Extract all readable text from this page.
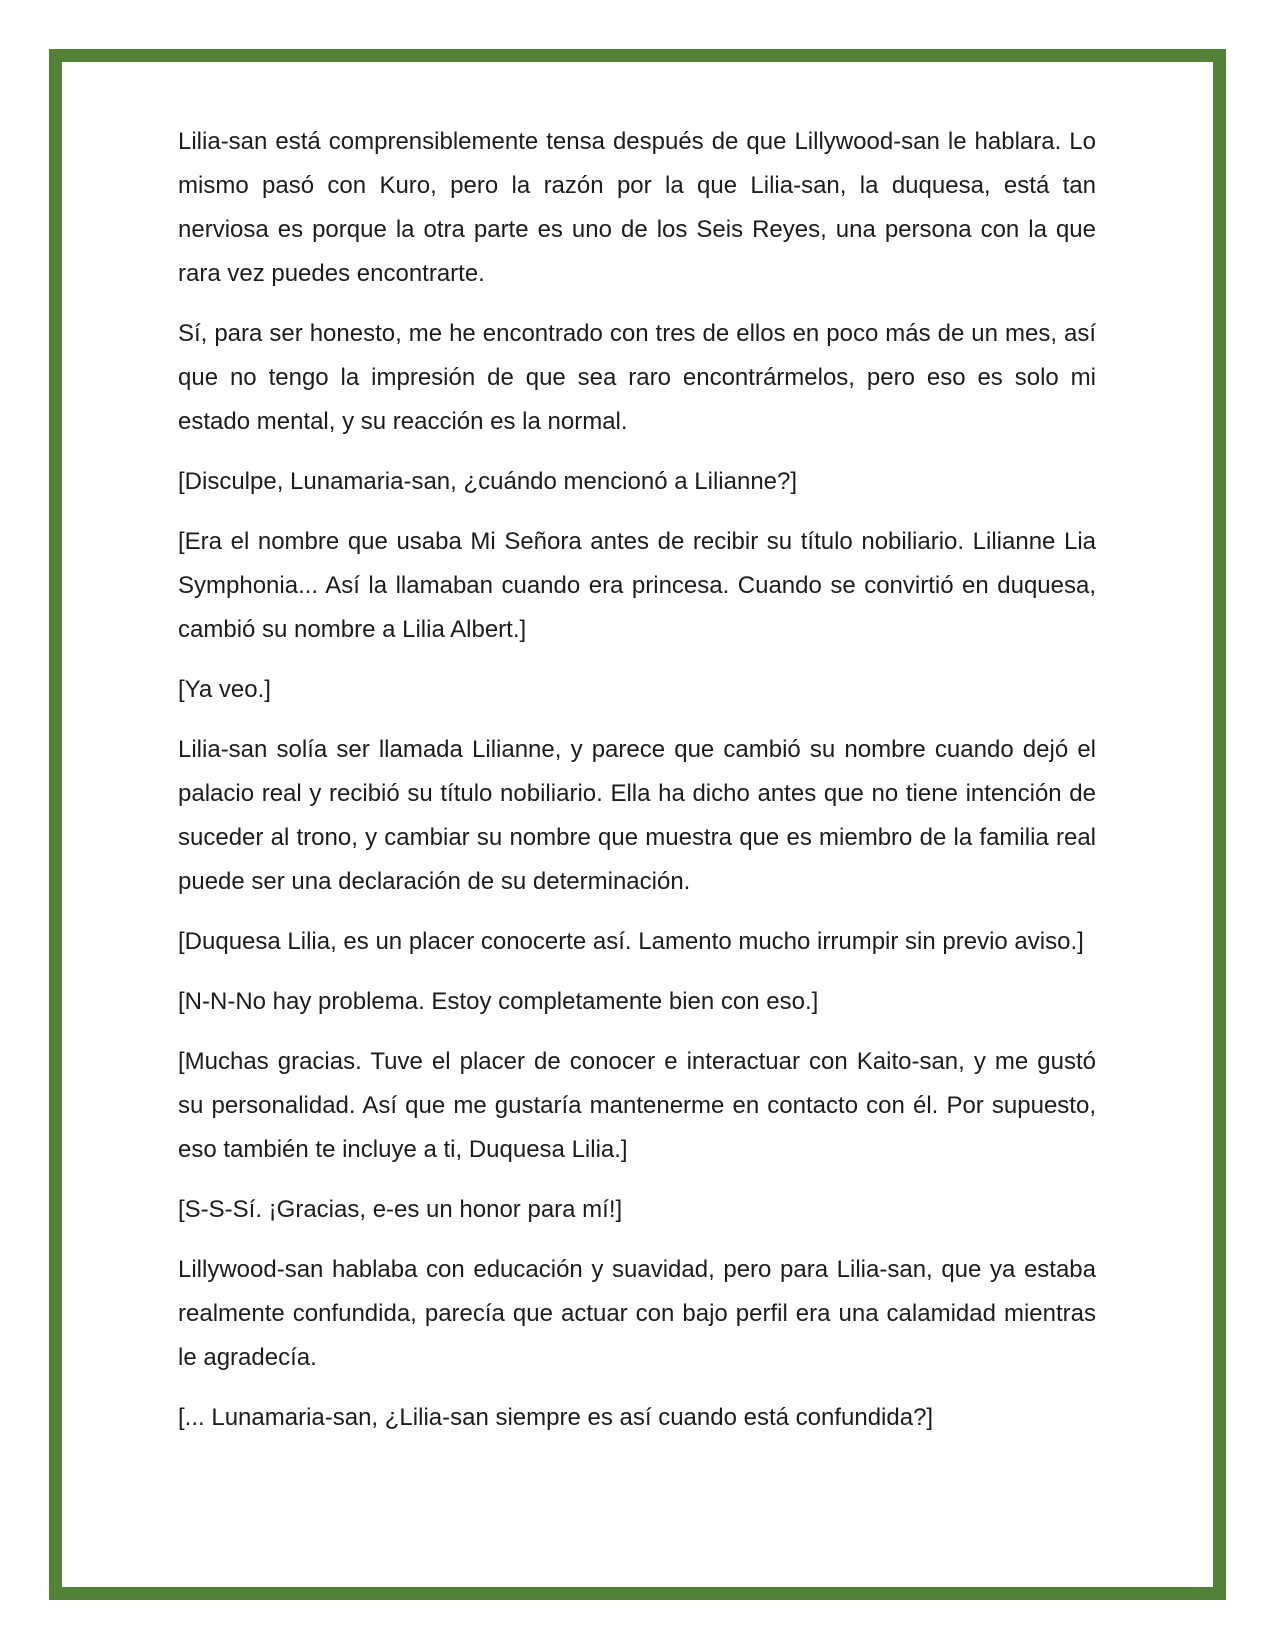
Lilia-san está comprensiblemente tensa después de que Lillywood-san le hablara. Lo mismo pasó con Kuro, pero la razón por la que Lilia-san, la duquesa, está tan nerviosa es porque la otra parte es uno de los Seis Reyes, una persona con la que rara vez puedes encontrarte.

Sí, para ser honesto, me he encontrado con tres de ellos en poco más de un mes, así que no tengo la impresión de que sea raro encontrármelos, pero eso es solo mi estado mental, y su reacción es la normal.

[Disculpe, Lunamaria-san, ¿cuándo mencionó a Lilianne?]

[Era el nombre que usaba Mi Señora antes de recibir su título nobiliario. Lilianne Lia Symphonia... Así la llamaban cuando era princesa. Cuando se convirtió en duquesa, cambió su nombre a Lilia Albert.]

[Ya veo.]

Lilia-san solía ser llamada Lilianne, y parece que cambió su nombre cuando dejó el palacio real y recibió su título nobiliario. Ella ha dicho antes que no tiene intención de suceder al trono, y cambiar su nombre que muestra que es miembro de la familia real puede ser una declaración de su determinación.

[Duquesa Lilia, es un placer conocerte así. Lamento mucho irrumpir sin previo aviso.]

[N-N-No hay problema. Estoy completamente bien con eso.]

[Muchas gracias. Tuve el placer de conocer e interactuar con Kaito-san, y me gustó su personalidad. Así que me gustaría mantenerme en contacto con él. Por supuesto, eso también te incluye a ti, Duquesa Lilia.]

[S-S-Sí. ¡Gracias, e-es un honor para mí!]

Lillywood-san hablaba con educación y suavidad, pero para Lilia-san, que ya estaba realmente confundida, parecía que actuar con bajo perfil era una calamidad mientras le agradecía.

[... Lunamaria-san, ¿Lilia-san siempre es así cuando está confundida?]
